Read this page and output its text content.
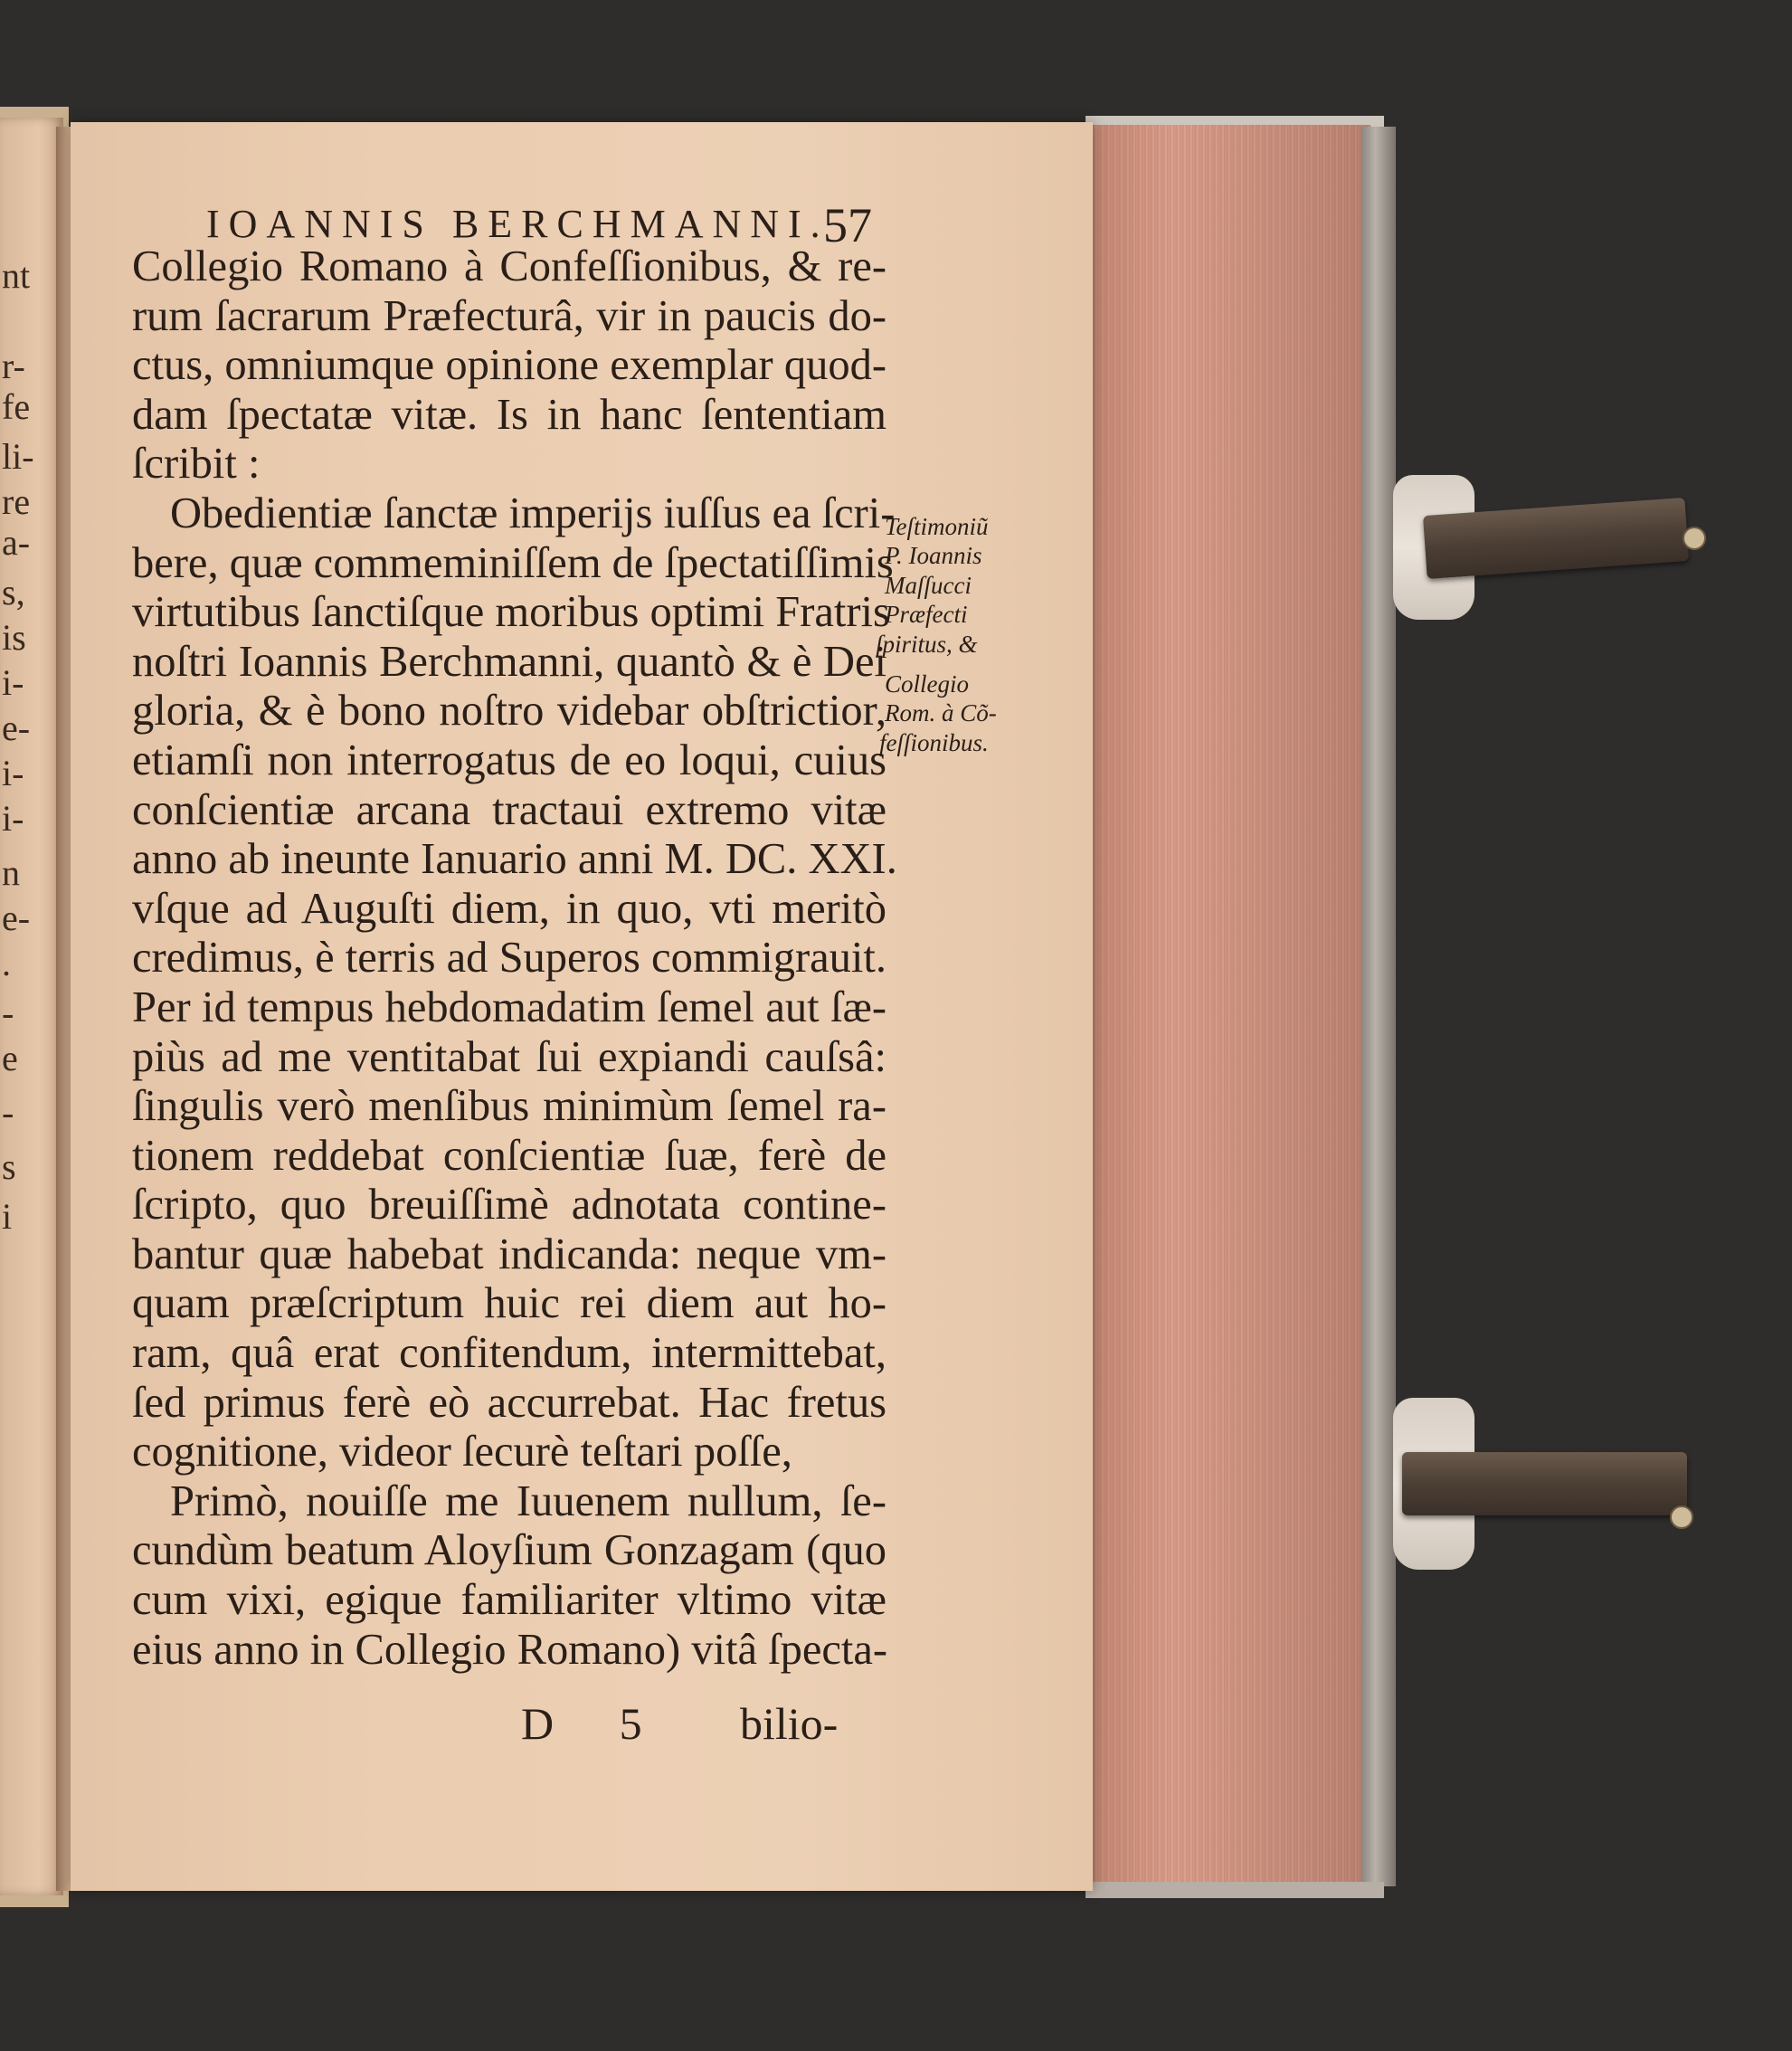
IOANNIS BERCHMANNI.
57
Collegio Romano à Confeſſionibus, & re-
rum ſacrarum Præfecturâ, vir in paucis do-
ctus, omniumque opinione exemplar quod-
dam ſpectatæ vitæ. Is in hanc ſententiam
ſcribit :
Obedientiæ ſanctæ imperijs iuſſus ea ſcri-
bere, quæ commeminiſſem de ſpectatiſſimis
virtutibus ſanctiſque moribus optimi Fratris
noſtri Ioannis Berchmanni, quantò & è Dei
gloria, & è bono noſtro videbar obſtrictior,
etiamſi non interrogatus de eo loqui, cuius
conſcientiæ arcana tractaui extremo vitæ
anno ab ineunte Ianuario anni M. DC. XXI.
vſque ad Auguſti diem, in quo, vti meritò
credimus, è terris ad Superos commigrauit.
Per id tempus hebdomadatim ſemel aut ſæ-
piùs ad me ventitabat ſui expiandi cauſsâ:
ſingulis verò menſibus minimùm ſemel ra-
tionem reddebat conſcientiæ ſuæ, ferè de
ſcripto, quo breuiſſimè adnotata contine-
bantur quæ habebat indicanda: neque vm-
quam præſcriptum huic rei diem aut ho-
ram, quâ erat confitendum, intermittebat,
ſed primus ferè eò accurrebat. Hac fretus
cognitione, videor ſecurè teſtari poſſe,
Primò, nouiſſe me Iuuenem nullum, ſe-
cundùm beatum Aloyſium Gonzagam (quo
cum vixi, egique familiariter vltimo vitæ
eius anno in Collegio Romano) vitâ ſpecta-
Teſtimoniũ
P. Ioannis
Maſſucci
Præfecti
ſpiritus, &
Collegio
Rom. à Cõ-
feſſionibus.
D 5 bilio-
nt
r-
fe
li-
re
a-
s,
is
i-
e-
i-
i-
n
e-
.
-
e
-
s
i
